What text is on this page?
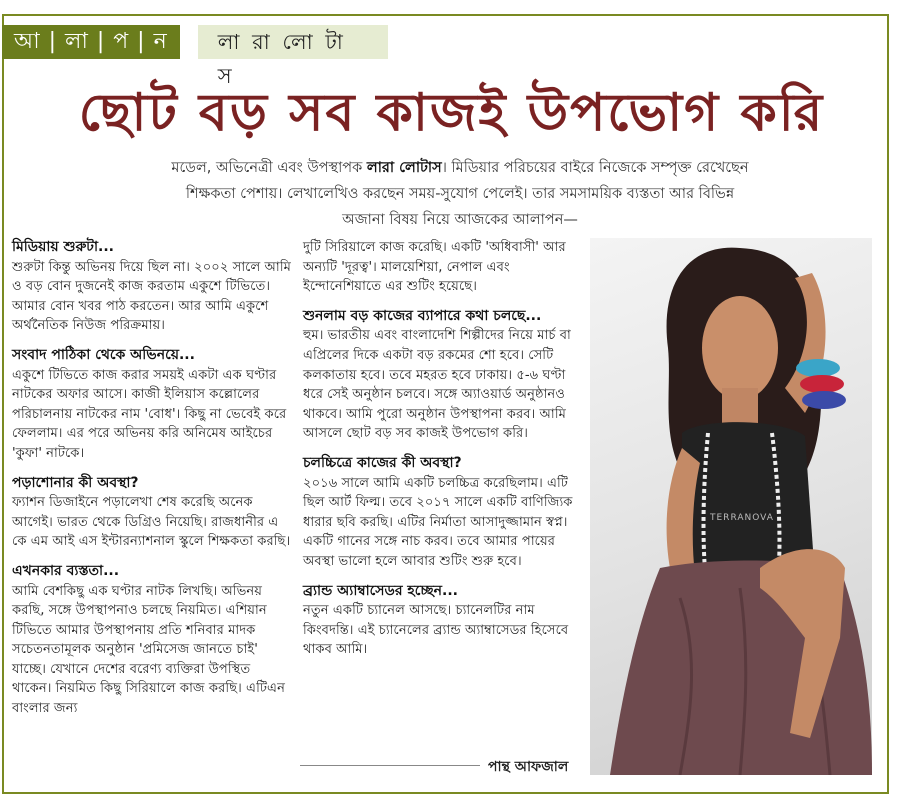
আ | লা | প | ন	লা রা লো টা স
ছোট বড় সব কাজই উপভোগ করি
মডেল, অভিনেত্রী এবং উপস্থাপক লারা লোটাস। মিডিয়ার পরিচয়ের বাইরে নিজেকে সম্পৃক্ত রেখেছেন
শিক্ষকতা পেশায়। লেখালেখিও করছেন সময়-সুযোগ পেলেই। তার সমসাময়িক ব্যস্ততা আর বিভিন্ন
অজানা বিষয় নিয়ে আজকের আলাপন—

মিডিয়ায় শুরুটা...

শুরুটা কিন্তু অভিনয় দিয়ে ছিল না। ২০০২ সালে আমি ও বড় বোন দুজনেই কাজ করতাম একুশে টিভিতে। আমার বোন খবর পাঠ করতেন। আর আমি একুশে অর্থনৈতিক নিউজ পরিক্রমায়।

সংবাদ পাঠিকা থেকে অভিনয়ে...

একুশে টিভিতে কাজ করার সময়ই একটা এক ঘণ্টার নাটকের অফার আসে। কাজী ইলিয়াস কল্লোলের পরিচালনায় নাটকের নাম 'বোধ'। কিছু না ভেবেই করে ফেললাম। এর পরে অভিনয় করি অনিমেষ আইচের 'কুফা' নাটকে।

পড়াশোনার কী অবস্থা?

ফ্যাশন ডিজাইনে পড়ালেখা শেষ করেছি অনেক আগেই। ভারত থেকে ডিগ্রিও নিয়েছি। রাজধানীর এ কে এম আই এস ইন্টারন্যাশনাল স্কুলে শিক্ষকতা করছি।

এখনকার ব্যস্ততা...

আমি বেশকিছু এক ঘণ্টার নাটক লিখছি। অভিনয় করছি, সঙ্গে উপস্থাপনাও চলছে নিয়মিত। এশিয়ান টিভিতে আমার উপস্থাপনায় প্রতি শনিবার মাদক সচেতনতামূলক অনুষ্ঠান 'প্রমিসেজ জানতে চাই' যাচ্ছে। যেখানে দেশের বরেণ্য ব্যক্তিরা উপস্থিত থাকেন। নিয়মিত কিছু সিরিয়ালে কাজ করছি। এটিএন বাংলার জন্য

দুটি সিরিয়ালে কাজ করেছি। একটি 'অধিবাসী' আর অন্যটি 'দূরত্ব'। মালয়েশিয়া, নেপাল এবং ইন্দোনেশিয়াতে এর শুটিং হয়েছে।

শুনলাম বড় কাজের ব্যাপারে কথা চলছে...

হুম। ভারতীয় এবং বাংলাদেশি শিল্পীদের নিয়ে মার্চ বা এপ্রিলের দিকে একটা বড় রকমের শো হবে। সেটি কলকাতায় হবে। তবে মহরত হবে ঢাকায়। ৫-৬ ঘণ্টা ধরে সেই অনুষ্ঠান চলবে। সঙ্গে অ্যাওয়ার্ড অনুষ্ঠানও থাকবে। আমি পুরো অনুষ্ঠান উপস্থাপনা করব। আমি আসলে ছোট বড় সব কাজই উপভোগ করি।

চলচ্চিত্রে কাজের কী অবস্থা?

২০১৬ সালে আমি একটি চলচ্চিত্র করেছিলাম। এটি ছিল আর্ট ফিল্ম। তবে ২০১৭ সালে একটি বাণিজ্যিক ধারার ছবি করছি। এটির নির্মাতা আসাদুজ্জামান স্বপ্ন। একটি গানের সঙ্গে নাচ করব। তবে আমার পায়ের অবস্থা ভালো হলে আবার শুটিং শুরু হবে।

ব্র্যান্ড অ্যাম্বাসেডর হচ্ছেন...

নতুন একটি চ্যানেল আসছে। চ্যানেলটির নাম কিংবদন্তি। এই চ্যানেলের ব্র্যান্ড অ্যাম্বাসেডর হিসেবে থাকব আমি।

TERRANOVA
পান্থ আফজাল
